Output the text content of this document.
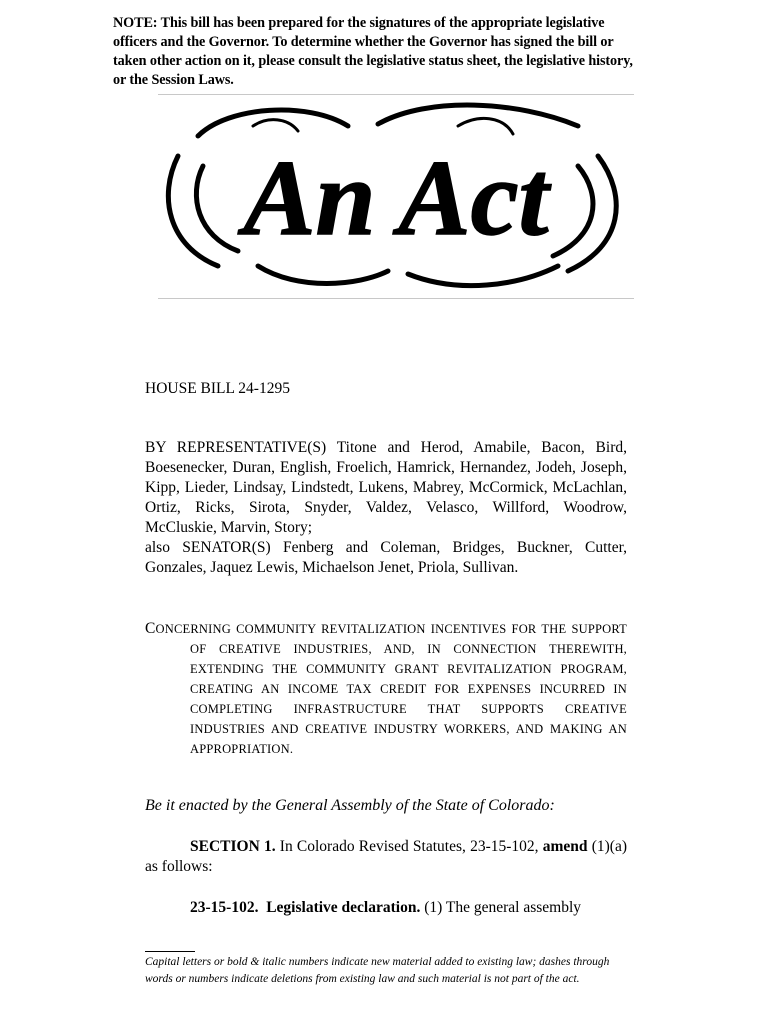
NOTE: This bill has been prepared for the signatures of the appropriate legislative officers and the Governor. To determine whether the Governor has signed the bill or taken other action on it, please consult the legislative status sheet, the legislative history, or the Session Laws.
An Act
HOUSE BILL 24-1295

BY REPRESENTATIVE(S) Titone and Herod, Amabile, Bacon, Bird, Boesenecker, Duran, English, Froelich, Hamrick, Hernandez, Jodeh, Joseph, Kipp, Lieder, Lindsay, Lindstedt, Lukens, Mabrey, McCormick, McLachlan, Ortiz, Ricks, Sirota, Snyder, Valdez, Velasco, Willford, Woodrow, McCluskie, Marvin, Story;

also SENATOR(S) Fenberg and Coleman, Bridges, Buckner, Cutter, Gonzales, Jaquez Lewis, Michaelson Jenet, Priola, Sullivan.

CONCERNING COMMUNITY REVITALIZATION INCENTIVES FOR THE SUPPORT OF CREATIVE INDUSTRIES, AND, IN CONNECTION THEREWITH, EXTENDING THE COMMUNITY GRANT REVITALIZATION PROGRAM, CREATING AN INCOME TAX CREDIT FOR EXPENSES INCURRED IN COMPLETING INFRASTRUCTURE THAT SUPPORTS CREATIVE INDUSTRIES AND CREATIVE INDUSTRY WORKERS, AND MAKING AN APPROPRIATION.
Be it enacted by the General Assembly of the State of Colorado:
SECTION 1. In Colorado Revised Statutes, 23-15-102, amend (1)(a) as follows:
23-15-102. Legislative declaration. (1) The general assembly
Capital letters or bold & italic numbers indicate new material added to existing law; dashes through words or numbers indicate deletions from existing law and such material is not part of the act.
